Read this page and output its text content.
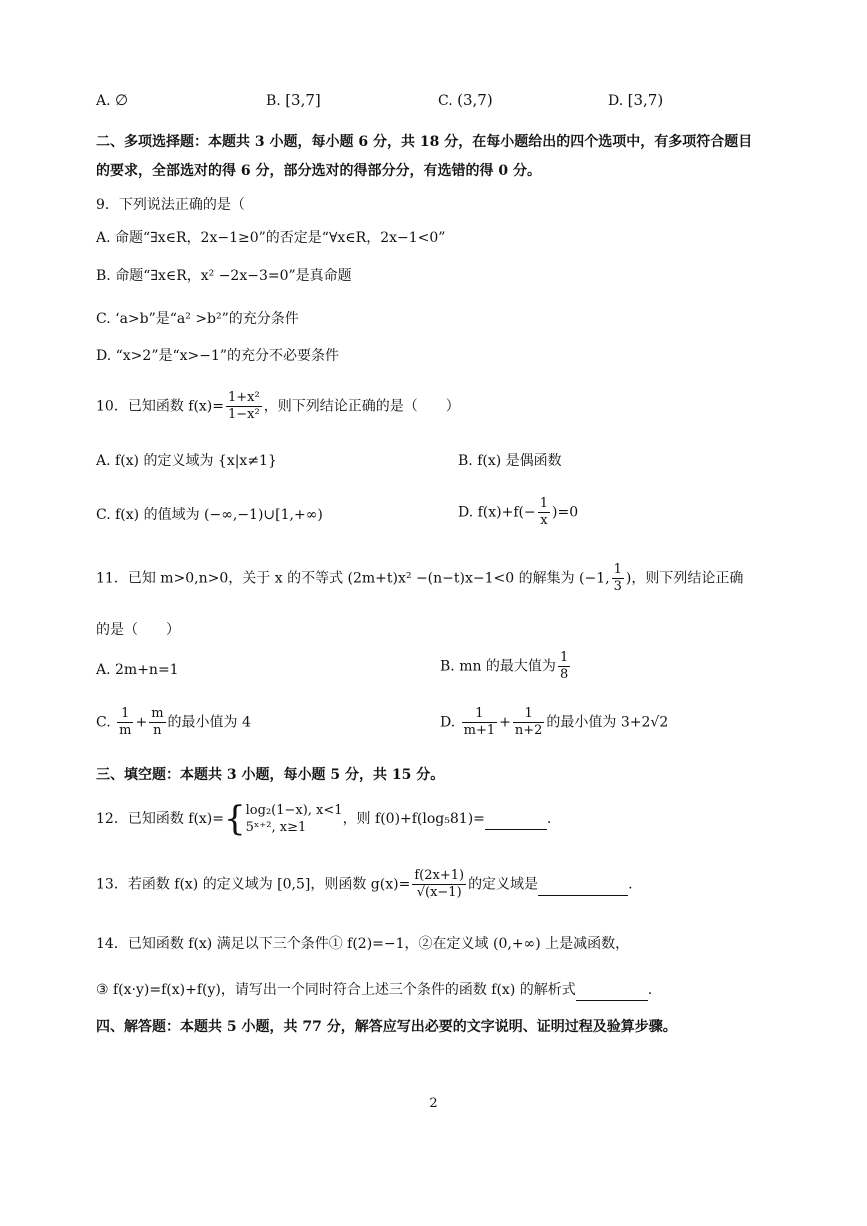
A. ∅	B. [3,7]	C. (3,7)	D. [3,7)
二、多项选择题：本题共 3 小题，每小题 6 分，共 18 分，在每小题给出的四个选项中，有多项符合题目
的要求，全部选对的得 6 分，部分选对的得部分分，有选错的得 0 分。
9．下列说法正确的是（
A. 命题“∃x∈R，2x−1≥0”的否定是“∀x∈R，2x−1<0”
B. 命题“∃x∈R，x² −2x−3=0”是真命题
C. ‘a>b”是“a² >b²”的充分条件
D. “x>2”是“x>−1”的充分不必要条件
10．已知函数 $f(x)= \frac{\text{1+x²}}{\text{1−x²}}$ ，则下列结论正确的是（　　）
A. f(x) 的定义域为 {x|x≠1}	B. f(x) 是偶函数
C. f(x) 的值域为 (−∞,−1)∪[1,+∞)	D. $f(x)+f(- \frac{1}{x} )=0$
11．已知 m>0,n>0，关于 x 的不等式 (2m+t)x² −(n−t)x−1<0 的解集为 (−1, $\frac{1}{3}$ )，则下列结论正确
的是（　　）
A. 2m+n=1	B. mn 的最大值为 $\frac{1}{8}$
C. $\frac{1}{m} + \frac{m}{n}$ 的最小值为 4	D. $\frac{1}{m+1} + \frac{1}{n+2}$ 的最小值为 3+2√2
三、填空题：本题共 3 小题，每小题 5 分，共 15 分。
12．已知函数 f(x)={ log₂(1−x), x<1
5ˣ⁺², x≥1
，则 f(0)+f(log₅81)=	.
13．若函数 f(x) 的定义域为 [0,5]，则函数 $g(x)= \frac{f(2x+1)}{√(x-1)}$ 的定义域是	.
14．已知函数 f(x) 满足以下三个条件① f(2)=−1，②在定义域 (0,+∞) 上是减函数，
③ f(x·y)=f(x)+f(y)，请写出一个同时符合上述三个条件的函数 f(x) 的解析式	.
四、解答题：本题共 5 小题，共 77 分，解答应写出必要的文字说明、证明过程及验算步骤。
2
